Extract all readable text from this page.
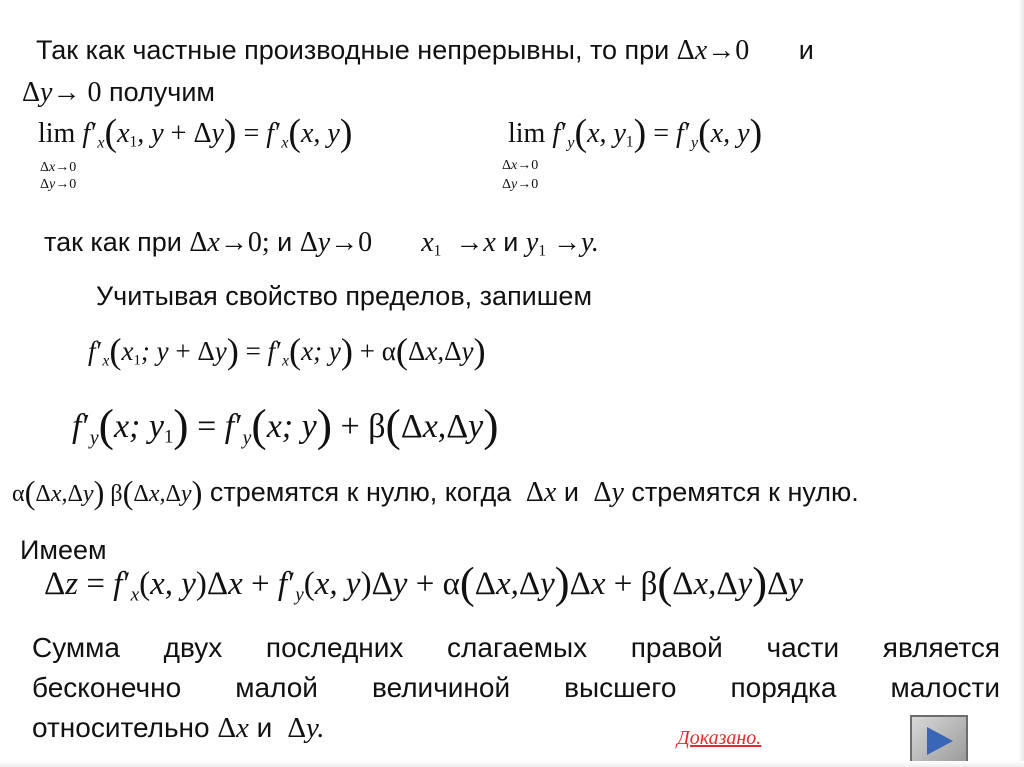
Так как частные производные непрерывны, то при Δx→0 и
Δy→ 0 получим
$\lim f'_x(x1$, $y + \Delta y) = f'_x(x$, y)
Δx→0
Δy→0
$\lim f'_y(x$, $y1) = f'_y(x$, y)
Δx→0
Δy→0
так как при Δx→0; и Δy→0 x1  →x и y1 →y.
Учитывая свойство пределов, запишем
$f'_x(x1$; $y + \Delta y) = f'_x(x$; y) + α(Δx,Δy)
$f'_y(x$; $y1) = f'_y(x$; y) + β(Δx,Δy)
α(Δx,Δy) β(Δx,Δy) стремятся к нулю, когда Δx и Δy стремятся к нулю.
Имеем
$\Delta z = f'_x(x$, $y)\Delta x + f'_y(x$, y)Δy + α(Δx,Δy)Δx + β(Δx,Δy)Δy
Сумма двух последних слагаемых правой части является
бесконечно малой величиной высшего порядка малости
относительно Δx и Δy.	Доказано.
